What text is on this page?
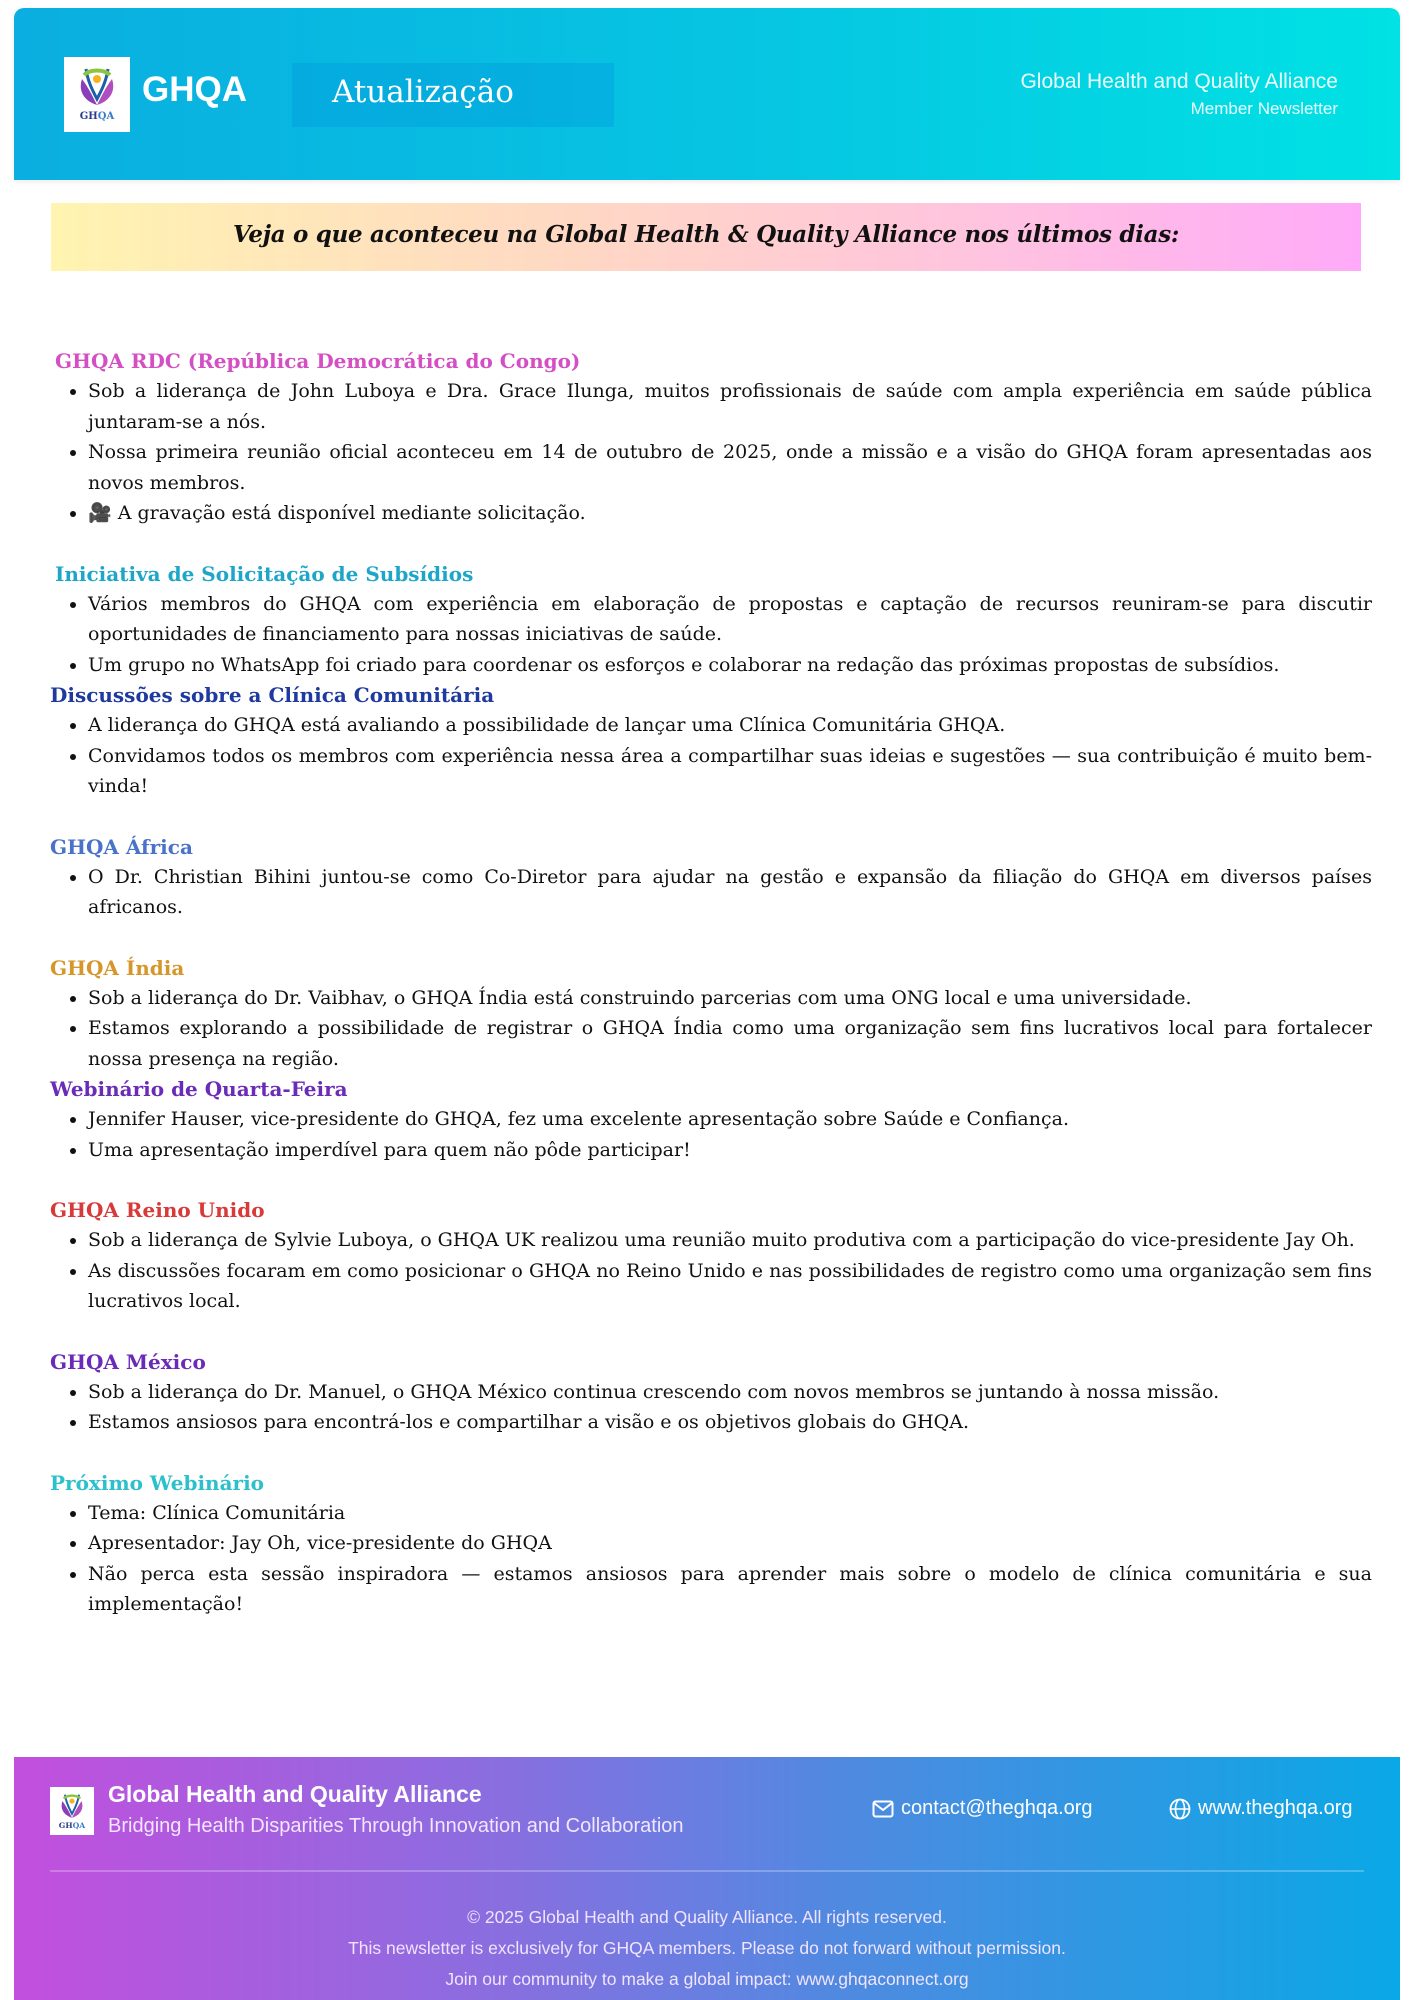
GHQA
GHQA	Atualização	Global Health and Quality Alliance
Member Newsletter
Veja o que aconteceu na Global Health & Quality Alliance nos últimos dias:
GHQA RDC (República Democrática do Congo)
• Sob a liderança de John Luboya e Dra. Grace Ilunga, muitos profissionais de saúde com ampla experiência em saúde pública juntaram-se a nós.
• Nossa primeira reunião oficial aconteceu em 14 de outubro de 2025, onde a missão e a visão do GHQA foram apresentadas aos novos membros.
• 🎥 A gravação está disponível mediante solicitação.
Iniciativa de Solicitação de Subsídios
• Vários membros do GHQA com experiência em elaboração de propostas e captação de recursos reuniram-se para discutir oportunidades de financiamento para nossas iniciativas de saúde.
• Um grupo no WhatsApp foi criado para coordenar os esforços e colaborar na redação das próximas propostas de subsídios.
Discussões sobre a Clínica Comunitária
• A liderança do GHQA está avaliando a possibilidade de lançar uma Clínica Comunitária GHQA.
• Convidamos todos os membros com experiência nessa área a compartilhar suas ideias e sugestões — sua contribuição é muito bem-vinda!
GHQA África
• O Dr. Christian Bihini juntou-se como Co-Diretor para ajudar na gestão e expansão da filiação do GHQA em diversos países africanos.
GHQA Índia
• Sob a liderança do Dr. Vaibhav, o GHQA Índia está construindo parcerias com uma ONG local e uma universidade.
• Estamos explorando a possibilidade de registrar o GHQA Índia como uma organização sem fins lucrativos local para fortalecer nossa presença na região.
Webinário de Quarta-Feira
• Jennifer Hauser, vice-presidente do GHQA, fez uma excelente apresentação sobre Saúde e Confiança.
• Uma apresentação imperdível para quem não pôde participar!
GHQA Reino Unido
• Sob a liderança de Sylvie Luboya, o GHQA UK realizou uma reunião muito produtiva com a participação do vice-presidente Jay Oh.
• As discussões focaram em como posicionar o GHQA no Reino Unido e nas possibilidades de registro como uma organização sem fins lucrativos local.
GHQA México
• Sob a liderança do Dr. Manuel, o GHQA México continua crescendo com novos membros se juntando à nossa missão.
• Estamos ansiosos para encontrá-los e compartilhar a visão e os objetivos globais do GHQA.
Próximo Webinário
• Tema: Clínica Comunitária
• Apresentador: Jay Oh, vice-presidente do GHQA
• Não perca esta sessão inspiradora — estamos ansiosos para aprender mais sobre o modelo de clínica comunitária e sua implementação!
GHQA
Global Health and Quality Alliance
Bridging Health Disparities Through Innovation and Collaboration
contact@theghqa.org	www.theghqa.org
© 2025 Global Health and Quality Alliance. All rights reserved.
This newsletter is exclusively for GHQA members. Please do not forward without permission.
Join our community to make a global impact: www.ghqaconnect.org
